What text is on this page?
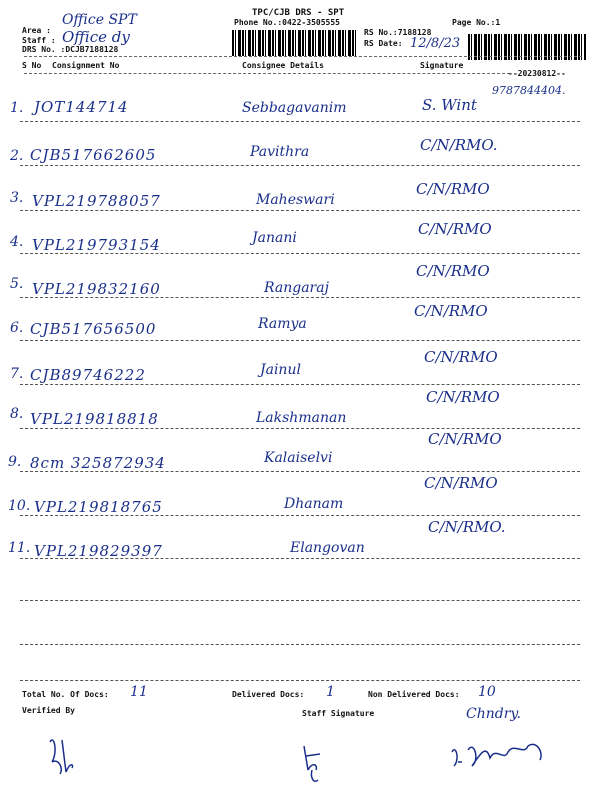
TPC/CJB DRS - SPT
Phone No.:0422-3505555	Page No.:1
Area :
Office SPT
Staff : Office dy
DRS No. :DCJB7188128
RS No.:7188128
RS Date: 12/8/23
S No Consignment No	Consignee Details	Signature
--20230812--
1. JOT144714	Sebbagavanim	S. Wint
9787844404.
2. CJB517662605	Pavithra	C/N/RMO.
3. VPL219788057	Maheswari
C/N/RMO
4. VPL219793154	Janani	C/N/RMO
5. VPL219832160	Rangaraj
C/N/RMO
6. CJB517656500	Ramya
C/N/RMO
7. CJB89746222	Jainul
C/N/RMO
8. VPL219818818	Lakshmanan
C/N/RMO
9. 8cm 325872934	Kalaiselvi
C/N/RMO
10. VPL219818765	Dhanam
C/N/RMO
11. VPL219829397	Elangovan
C/N/RMO.
Total No. Of Docs: 11	Delivered Docs: 1	Non Delivered Docs: 10
Verified By	Staff Signature	Chndry.
